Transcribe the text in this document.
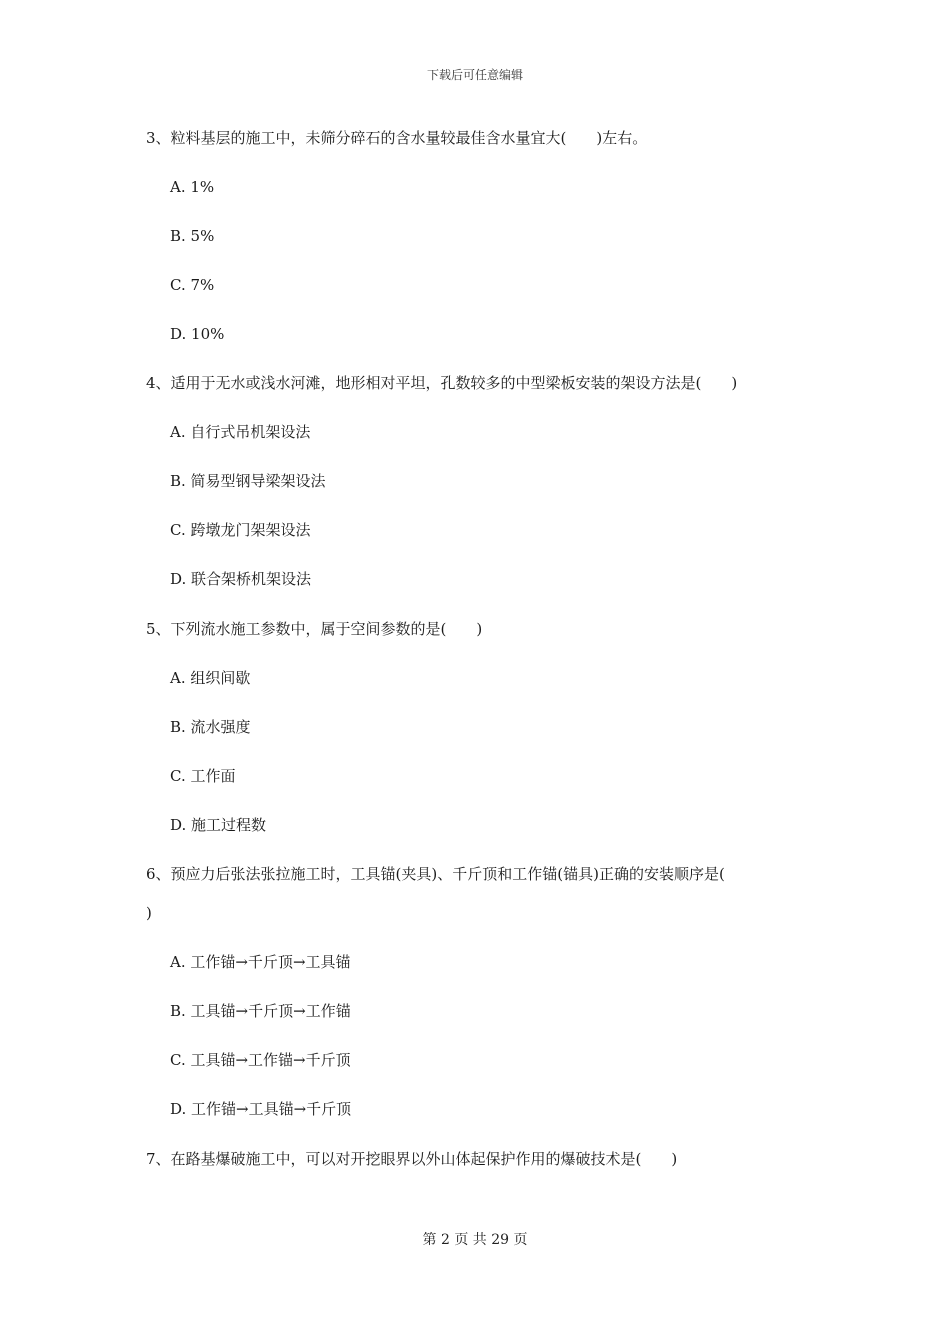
下载后可任意编辑
3、粒料基层的施工中，未筛分碎石的含水量较最佳含水量宜大(　　)左右。
A. 1%
B. 5%
C. 7%
D. 10%
4、适用于无水或浅水河滩，地形相对平坦，孔数较多的中型梁板安装的架设方法是(　　)
A. 自行式吊机架设法
B. 简易型钢导梁架设法
C. 跨墩龙门架架设法
D. 联合架桥机架设法
5、下列流水施工参数中，属于空间参数的是(　　)
A. 组织间歇
B. 流水强度
C. 工作面
D. 施工过程数
6、预应力后张法张拉施工时，工具锚(夹具)、千斤顶和工作锚(锚具)正确的安装顺序是(
)
A. 工作锚→千斤顶→工具锚
B. 工具锚→千斤顶→工作锚
C. 工具锚→工作锚→千斤顶
D. 工作锚→工具锚→千斤顶
7、在路基爆破施工中，可以对开挖眼界以外山体起保护作用的爆破技术是(　　)
第 2 页 共 29 页
